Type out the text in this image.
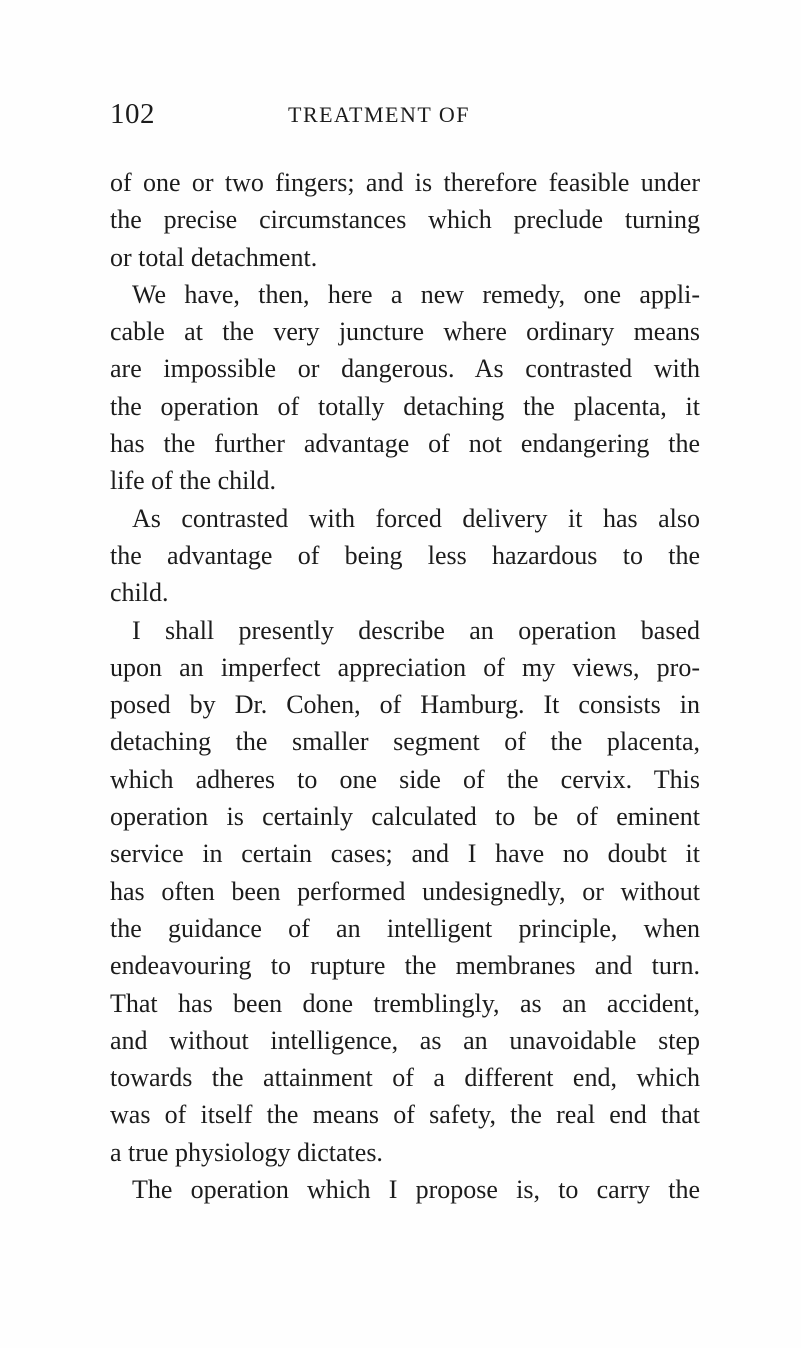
102	TREATMENT OF
of one or two fingers; and is therefore feasible under
the precise circumstances which preclude turning
or total detachment.
We have, then, here a new remedy, one appli-
cable at the very juncture where ordinary means
are impossible or dangerous. As contrasted with
the operation of totally detaching the placenta, it
has the further advantage of not endangering the
life of the child.
As contrasted with forced delivery it has also
the advantage of being less hazardous to the
child.
I shall presently describe an operation based
upon an imperfect appreciation of my views, pro-
posed by Dr. Cohen, of Hamburg. It consists in
detaching the smaller segment of the placenta,
which adheres to one side of the cervix. This
operation is certainly calculated to be of eminent
service in certain cases; and I have no doubt it
has often been performed undesignedly, or without
the guidance of an intelligent principle, when
endeavouring to rupture the membranes and turn.
That has been done tremblingly, as an accident,
and without intelligence, as an unavoidable step
towards the attainment of a different end, which
was of itself the means of safety, the real end that
a true physiology dictates.
The operation which I propose is, to carry the
